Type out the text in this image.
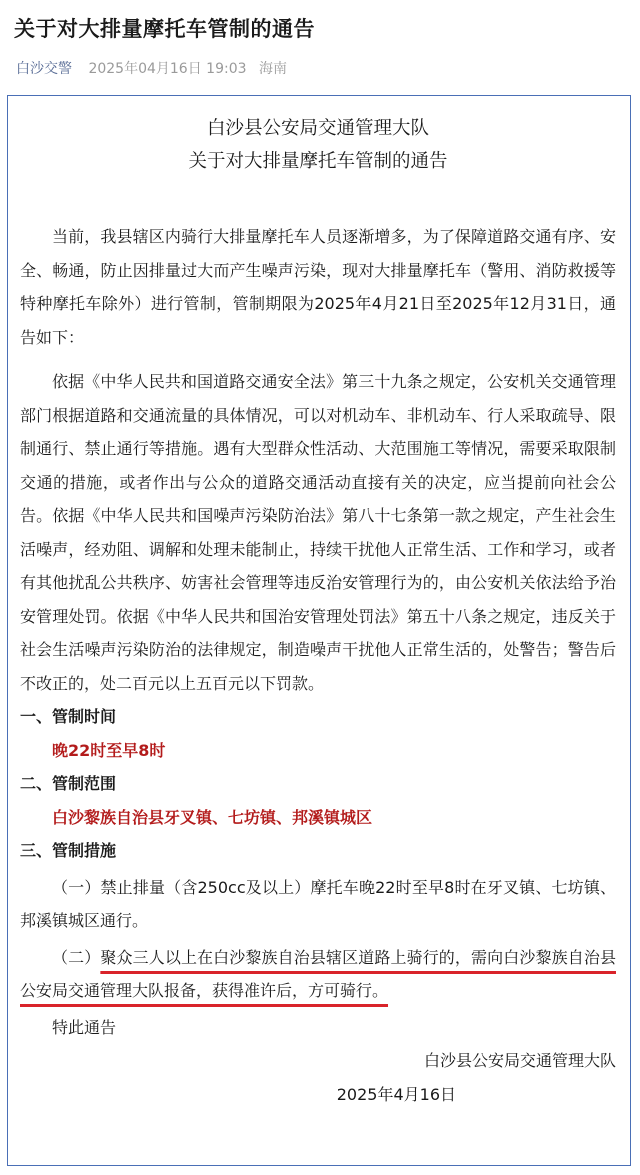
关于对大排量摩托车管制的通告
白沙交警 2025年04月16日 19:03 海南

白沙县公安局交通管理大队

关于对大排量摩托车管制的通告

当前，我县辖区内骑行大排量摩托车人员逐渐增多，为了保障道路交通有序、安全、畅通，防止因排量过大而产生噪声污染，现对大排量摩托车（警用、消防救援等特种摩托车除外）进行管制，管制期限为2025年4月21日至2025年12月31日，通告如下：

依据《中华人民共和国道路交通安全法》第三十九条之规定，公安机关交通管理部门根据道路和交通流量的具体情况，可以对机动车、非机动车、行人采取疏导、限制通行、禁止通行等措施。遇有大型群众性活动、大范围施工等情况，需要采取限制交通的措施，或者作出与公众的道路交通活动直接有关的决定，应当提前向社会公告。依据《中华人民共和国噪声污染防治法》第八十七条第一款之规定，产生社会生活噪声，经劝阻、调解和处理未能制止，持续干扰他人正常生活、工作和学习，或者有其他扰乱公共秩序、妨害社会管理等违反治安管理行为的，由公安机关依法给予治安管理处罚。依据《中华人民共和国治安管理处罚法》第五十八条之规定，违反关于社会生活噪声污染防治的法律规定，制造噪声干扰他人正常生活的，处警告；警告后不改正的，处二百元以上五百元以下罚款。

一、管制时间

晚22时至早8时

二、管制范围

白沙黎族自治县牙叉镇、七坊镇、邦溪镇城区

三、管制措施

（一）禁止排量（含250cc及以上）摩托车晚22时至早8时在牙叉镇、七坊镇、邦溪镇城区通行。

（二）聚众三人以上在白沙黎族自治县辖区道路上骑行的，需向白沙黎族自治县公安局交通管理大队报备，获得准许后，方可骑行。

特此通告

白沙县公安局交通管理大队

2025年4月16日
